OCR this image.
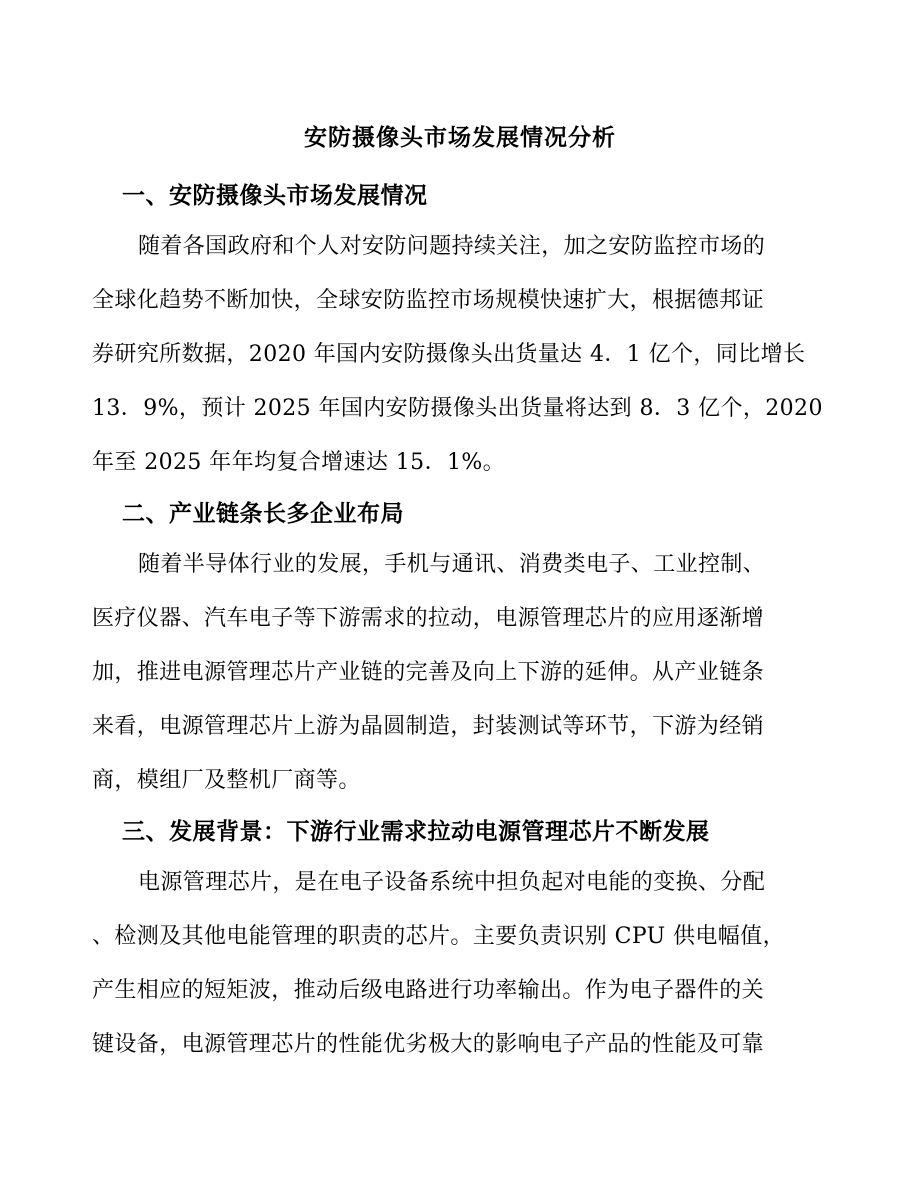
安防摄像头市场发展情况分析
一、安防摄像头市场发展情况
随着各国政府和个人对安防问题持续关注，加之安防监控市场的
全球化趋势不断加快，全球安防监控市场规模快速扩大，根据德邦证
券研究所数据，2020 年国内安防摄像头出货量达 4．1 亿个，同比增长
13．9%，预计 2025 年国内安防摄像头出货量将达到 8．3 亿个，2020
年至 2025 年年均复合增速达 15．1%。
二、产业链条长多企业布局
随着半导体行业的发展，手机与通讯、消费类电子、工业控制、
医疗仪器、汽车电子等下游需求的拉动，电源管理芯片的应用逐渐增
加，推进电源管理芯片产业链的完善及向上下游的延伸。从产业链条
来看，电源管理芯片上游为晶圆制造，封装测试等环节，下游为经销
商，模组厂及整机厂商等。
三、发展背景：下游行业需求拉动电源管理芯片不断发展
电源管理芯片，是在电子设备系统中担负起对电能的变换、分配
、检测及其他电能管理的职责的芯片。主要负责识别 CPU 供电幅值，
产生相应的短矩波，推动后级电路进行功率输出。作为电子器件的关
键设备，电源管理芯片的性能优劣极大的影响电子产品的性能及可靠
